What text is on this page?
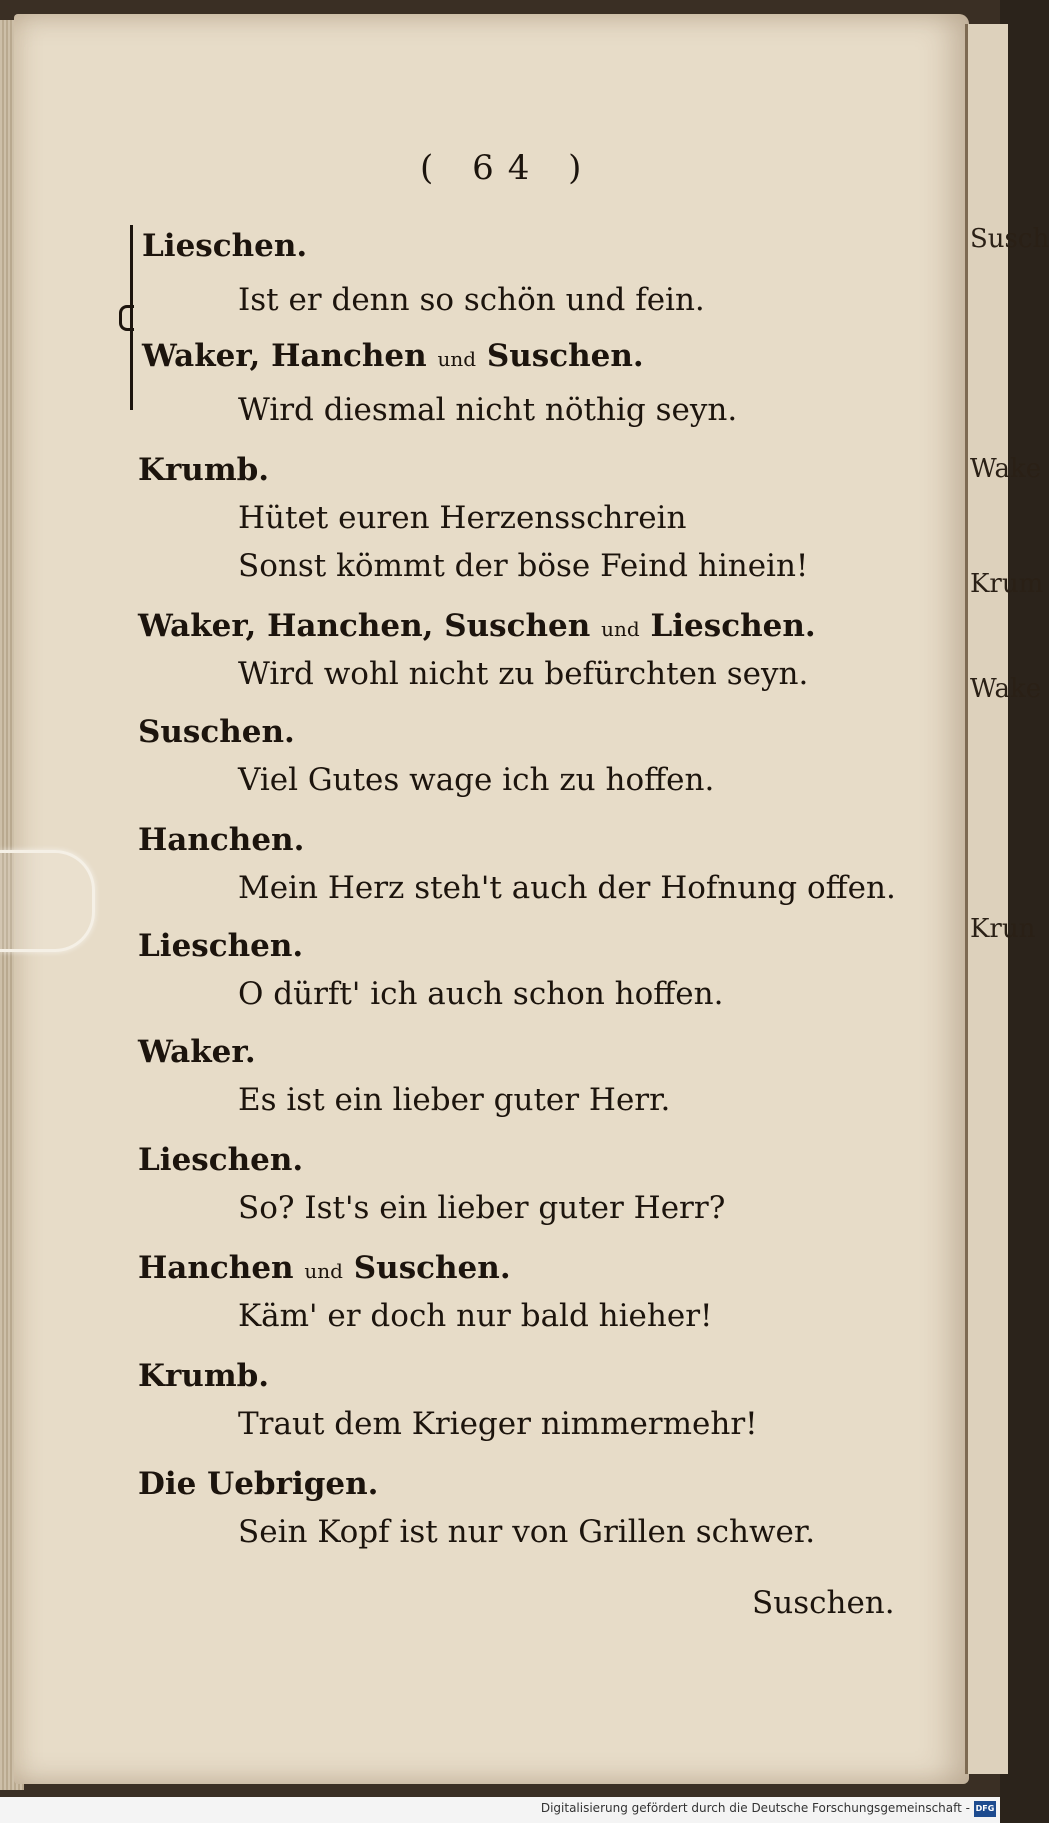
Susch
Wake
Krum
Wake
Krun
( 64 )
Lieschen.
Ist er denn so schön und fein.
Waker, Hanchen und Suschen.
Wird diesmal nicht nöthig seyn.
Krumb.
Hütet euren Herzensschrein
Sonst kömmt der böse Feind hinein!
Waker, Hanchen, Suschen und Lieschen.
Wird wohl nicht zu befürchten seyn.
Suschen.
Viel Gutes wage ich zu hoffen.
Hanchen.
Mein Herz steh't auch der Hofnung offen.
Lieschen.
O dürft' ich auch schon hoffen.
Waker.
Es ist ein lieber guter Herr.
Lieschen.
So? Ist's ein lieber guter Herr?
Hanchen und Suschen.
Käm' er doch nur bald hieher!
Krumb.
Traut dem Krieger nimmermehr!
Die Uebrigen.
Sein Kopf ist nur von Grillen schwer.
Suschen.
Digitalisierung gefördert durch die Deutsche Forschungsgemeinschaft - DFG
